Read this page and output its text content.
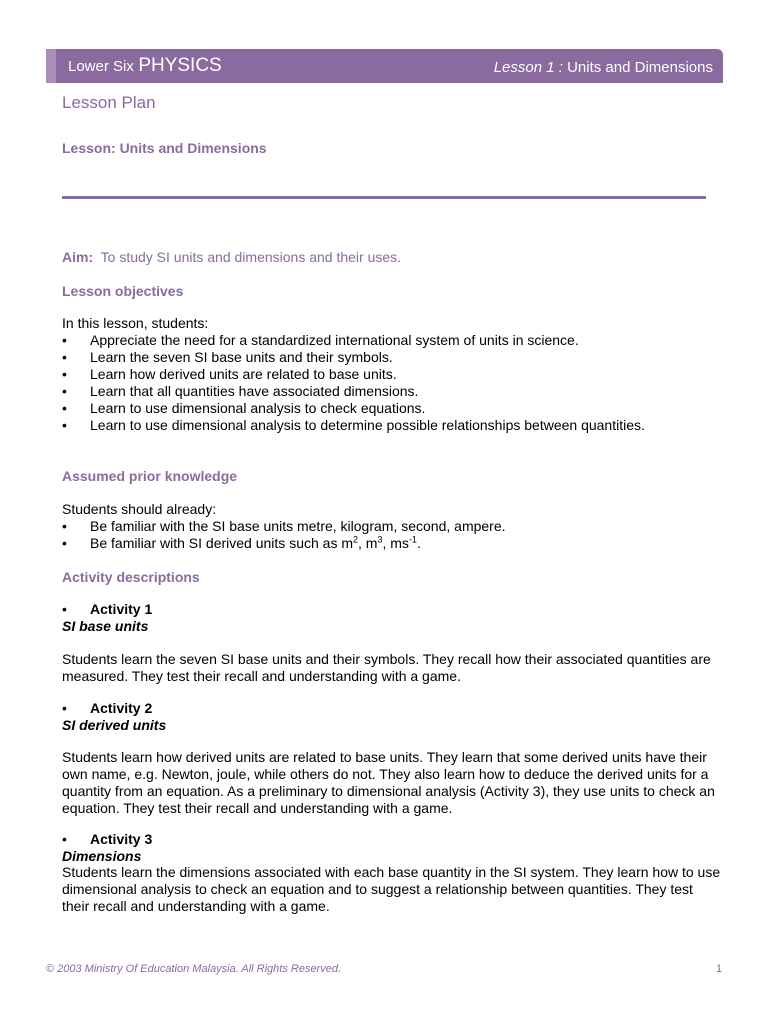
Lower Six PHYSICS	Lesson 1 : Units and Dimensions
Lesson Plan
Lesson: Units and Dimensions
Aim: To study SI units and dimensions and their uses.
Lesson objectives
In this lesson, students:
• Appreciate the need for a standardized international system of units in science.
• Learn the seven SI base units and their symbols.
• Learn how derived units are related to base units.
• Learn that all quantities have associated dimensions.
• Learn to use dimensional analysis to check equations.
• Learn to use dimensional analysis to determine possible relationships between quantities.
Assumed prior knowledge
Students should already:
• Be familiar with the SI base units metre, kilogram, second, ampere.
• Be familiar with SI derived units such as $m^2$, $m^3$, $ms^{-1}$.
Activity descriptions
• Activity 1
SI base units
Students learn the seven SI base units and their symbols. They recall how their associated quantities are measured. They test their recall and understanding with a game.
• Activity 2
SI derived units
Students learn how derived units are related to base units. They learn that some derived units have their own name, e.g. Newton, joule, while others do not. They also learn how to deduce the derived units for a quantity from an equation. As a preliminary to dimensional analysis (Activity 3), they use units to check an equation. They test their recall and understanding with a game.
• Activity 3
Dimensions
Students learn the dimensions associated with each base quantity in the SI system. They learn how to use dimensional analysis to check an equation and to suggest a relationship between quantities. They test their recall and understanding with a game.
© 2003 Ministry Of Education Malaysia. All Rights Reserved.	1
